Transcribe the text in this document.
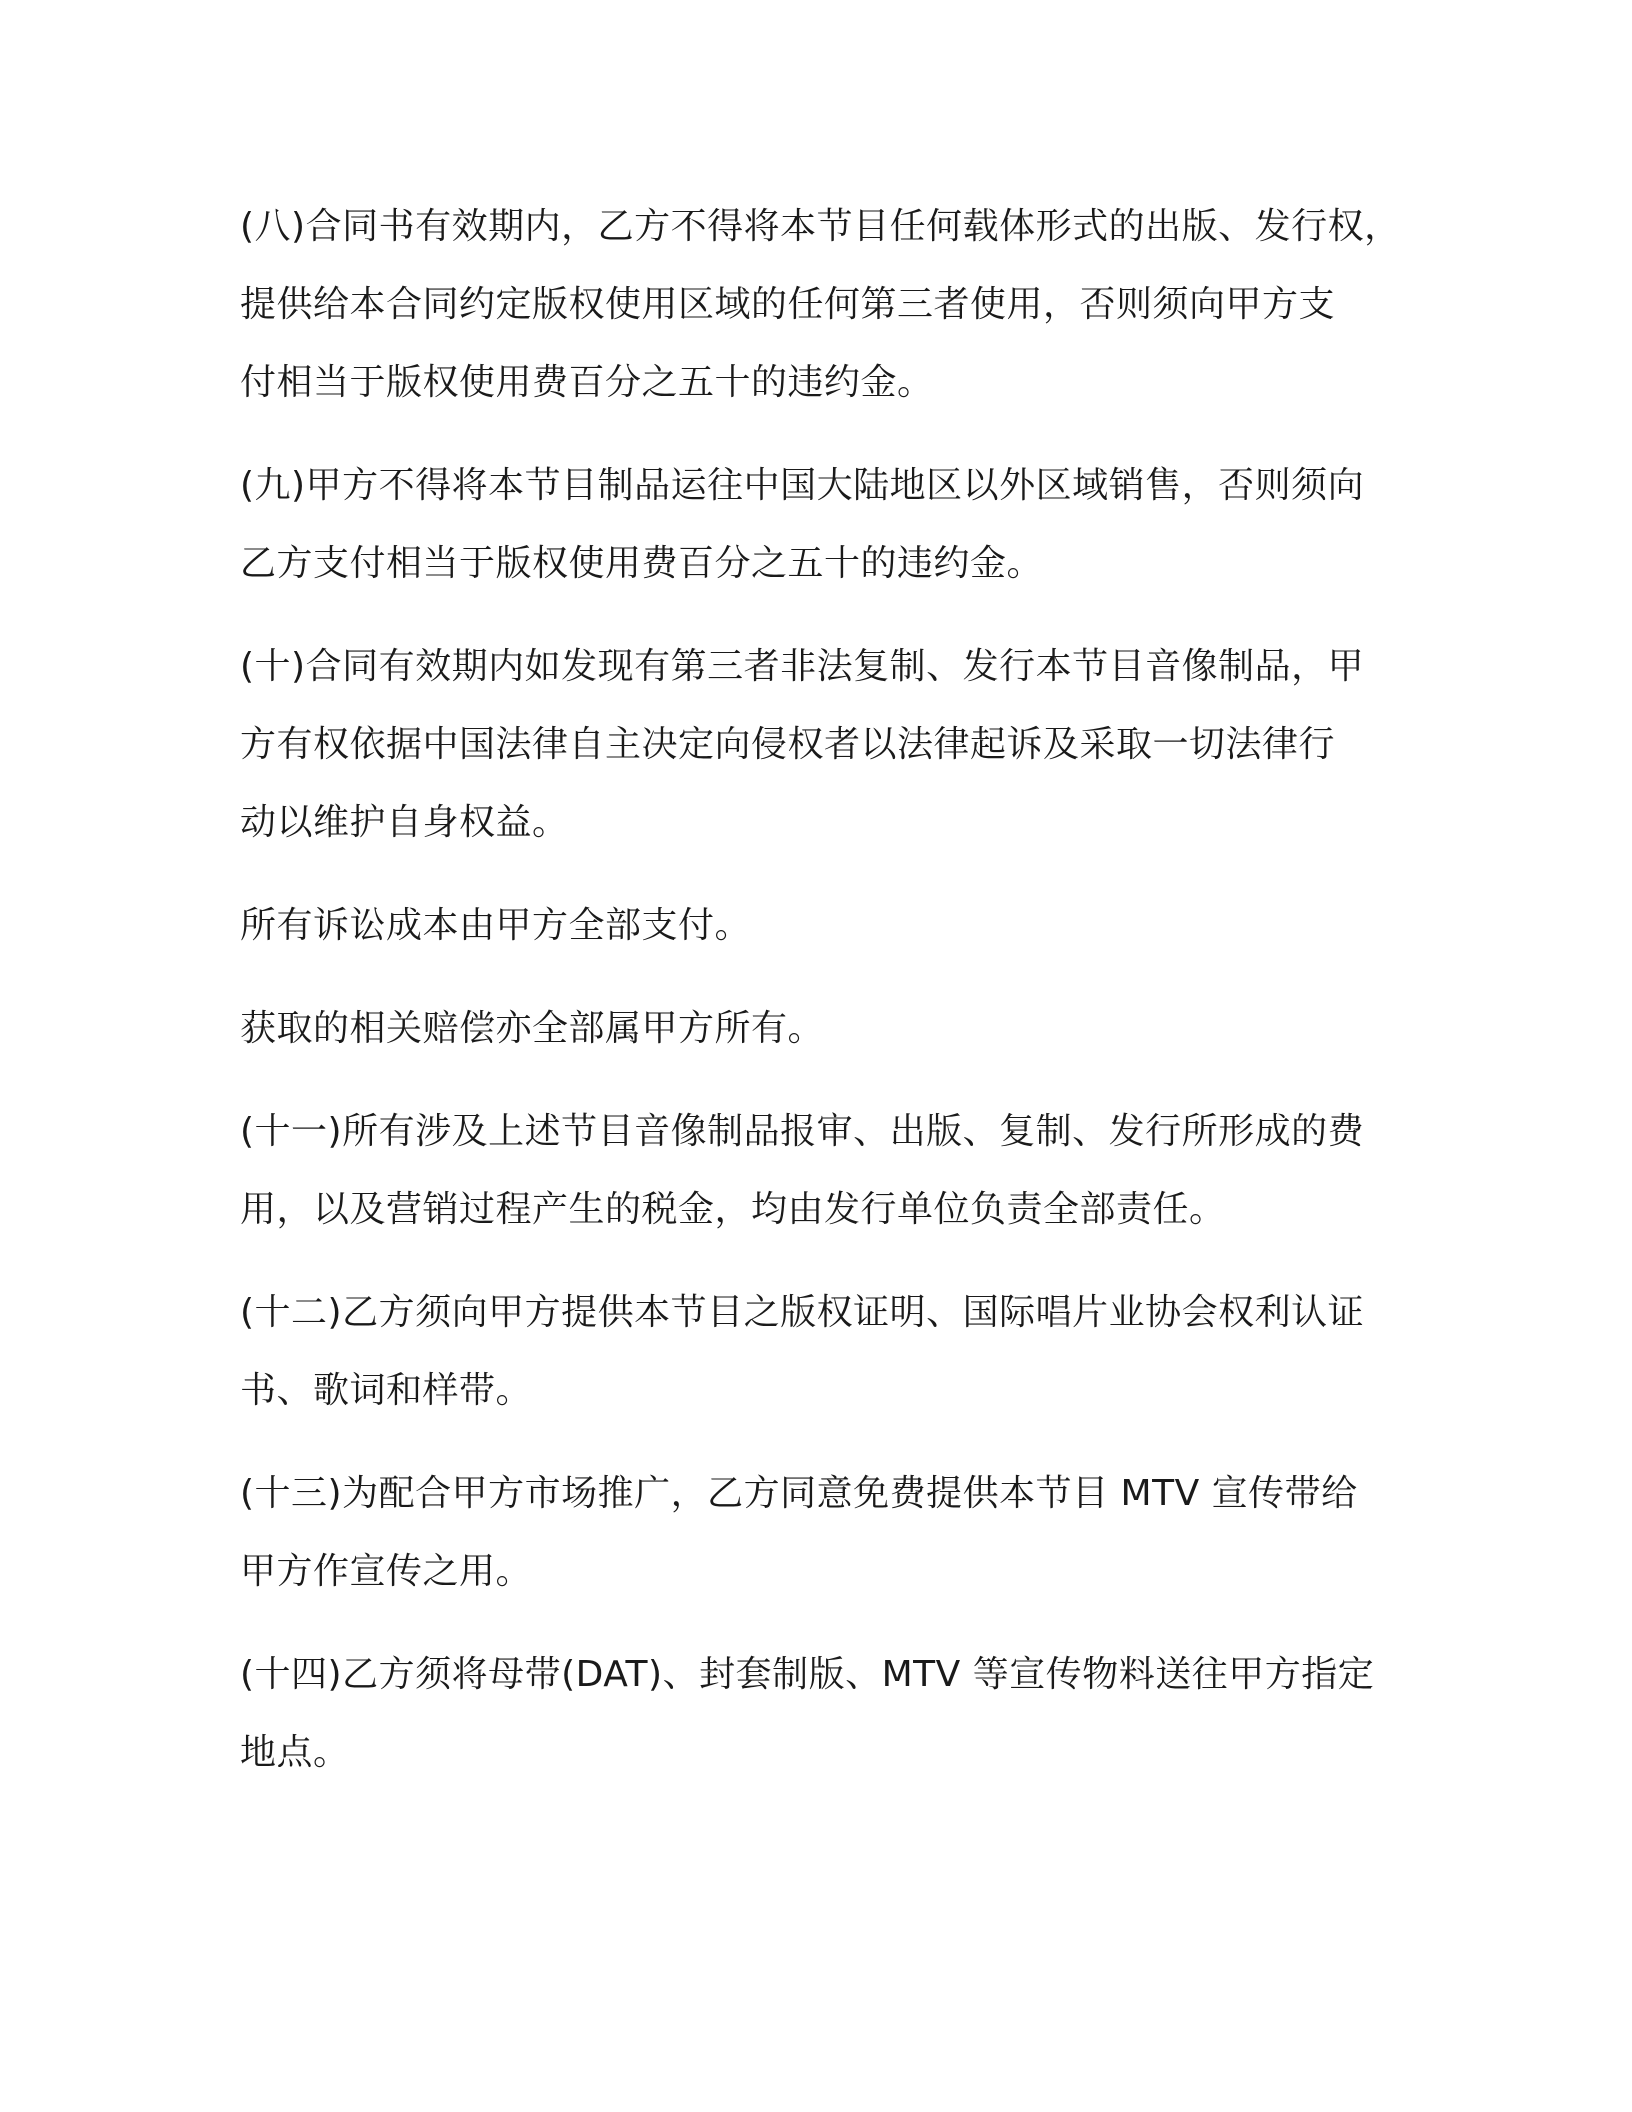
(八)合同书有效期内，乙方不得将本节目任何载体形式的出版、发行权，
提供给本合同约定版权使用区域的任何第三者使用，否则须向甲方支
付相当于版权使用费百分之五十的违约金。

(九)甲方不得将本节目制品运往中国大陆地区以外区域销售，否则须向
乙方支付相当于版权使用费百分之五十的违约金。

(十)合同有效期内如发现有第三者非法复制、发行本节目音像制品，甲
方有权依据中国法律自主决定向侵权者以法律起诉及采取一切法律行
动以维护自身权益。

所有诉讼成本由甲方全部支付。

获取的相关赔偿亦全部属甲方所有。

(十一)所有涉及上述节目音像制品报审、出版、复制、发行所形成的费
用，以及营销过程产生的税金，均由发行单位负责全部责任。

(十二)乙方须向甲方提供本节目之版权证明、国际唱片业协会权利认证
书、歌词和样带。

(十三)为配合甲方市场推广，乙方同意免费提供本节目 MTV 宣传带给
甲方作宣传之用。

(十四)乙方须将母带(DAT)、封套制版、MTV 等宣传物料送往甲方指定
地点。
